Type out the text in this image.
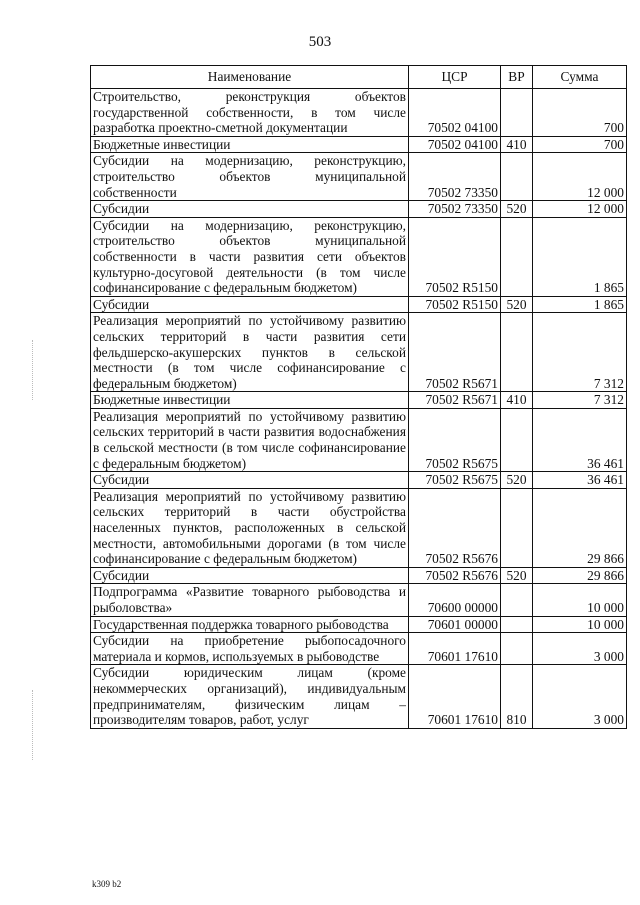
503
Наименование	ЦСР	ВР	Сумма
Строительство, реконструкция объектов государственной собственности, в том числе разработка проектно-сметной документации	70502 04100		700
Бюджетные инвестиции	70502 04100	410	700
Субсидии на модернизацию, реконструкцию, строительство объектов муниципальной собственности	70502 73350		12 000
Субсидии	70502 73350	520	12 000
Субсидии на модернизацию, реконструкцию, строительство объектов муниципальной собственности в части развития сети объектов культурно-досуговой деятельности (в том числе софинансирование с федеральным бюджетом)	70502 R5150		1 865
Субсидии	70502 R5150	520	1 865
Реализация мероприятий по устойчивому развитию сельских территорий в части развития сети фельдшерско-акушерских пунктов в сельской местности (в том числе софинансирование с федеральным бюджетом)	70502 R5671		7 312
Бюджетные инвестиции	70502 R5671	410	7 312
Реализация мероприятий по устойчивому развитию сельских территорий в части развития водоснабжения в сельской местности (в том числе софинансирование с федеральным бюджетом)	70502 R5675		36 461
Субсидии	70502 R5675	520	36 461
Реализация мероприятий по устойчивому развитию сельских территорий в части обустройства населенных пунктов, расположенных в сельской местности, автомобильными дорогами (в том числе софинансирование с федеральным бюджетом)	70502 R5676		29 866
Субсидии	70502 R5676	520	29 866
Подпрограмма «Развитие товарного рыбоводства и рыболовства»	70600 00000		10 000
Государственная поддержка товарного рыбоводства	70601 00000		10 000
Субсидии на приобретение рыбопосадочного материала и кормов, используемых в рыбоводстве	70601 17610		3 000
Субсидии юридическим лицам (кроме некоммерческих организаций), индивидуальным предпринимателям, физическим лицам – производителям товаров, работ, услуг	70601 17610	810	3 000
k309 b2
